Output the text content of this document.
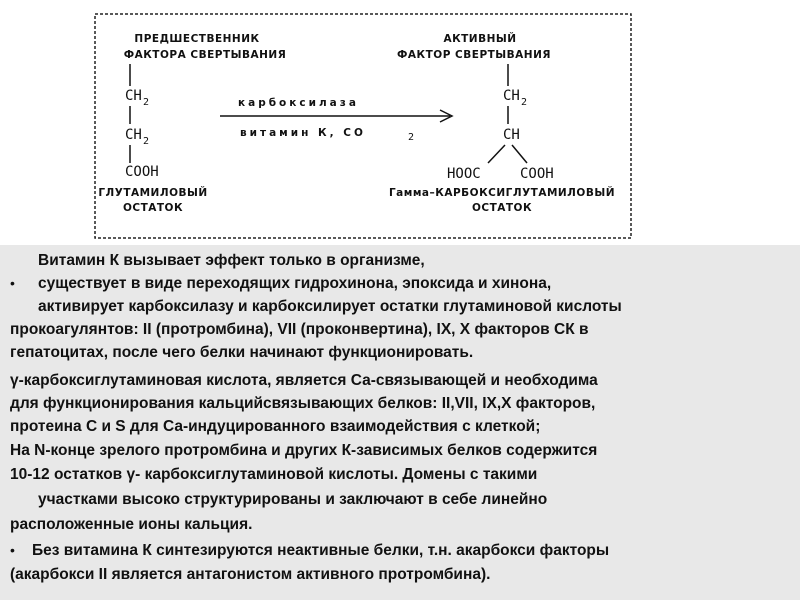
ПРЕДШЕСТВЕННИК
ФАКТОРА СВЕРТЫВАНИЯ
АКТИВНЫЙ
ФАКТОР СВЕРТЫВАНИЯ
CH 2
CH 2
COOH
ГЛУТАМИЛОВЫЙ
ОСТАТОК
карбоксилаза
витамин К, СО	2
CH 2
CH
HOOC	COOH
Гамма–КАРБОКСИГЛУТАМИЛОВЫЙ
ОСТАТОК
Витамин К вызывает эффект только в организме,
• существует в виде переходящих гидрохинона, эпоксида и хинона,
активирует карбоксилазу и карбоксилирует остатки глутаминовой кислоты
прокоагулянтов: II (протромбина), VII (проконвертина), IX, X факторов СК в
гепатоцитах, после чего белки начинают функционировать.
γ-карбоксиглутаминовая кислота, является Са-связывающей и необходима
для функционирования кальцийсвязывающих белков: II,VII, IX,X факторов,
протеина С и S для Са-индуцированного взаимодействия с клеткой;
На N-конце зрелого протромбина и других К-зависимых белков содержится
10-12 остатков γ- карбоксиглутаминовой кислоты. Домены с такими
участками высоко структурированы и заключают в себе линейно
расположенные ионы кальция.
• Без витамина К синтезируются неактивные белки, т.н. акарбокси факторы
(акарбокси II является антагонистом активного протромбина).
